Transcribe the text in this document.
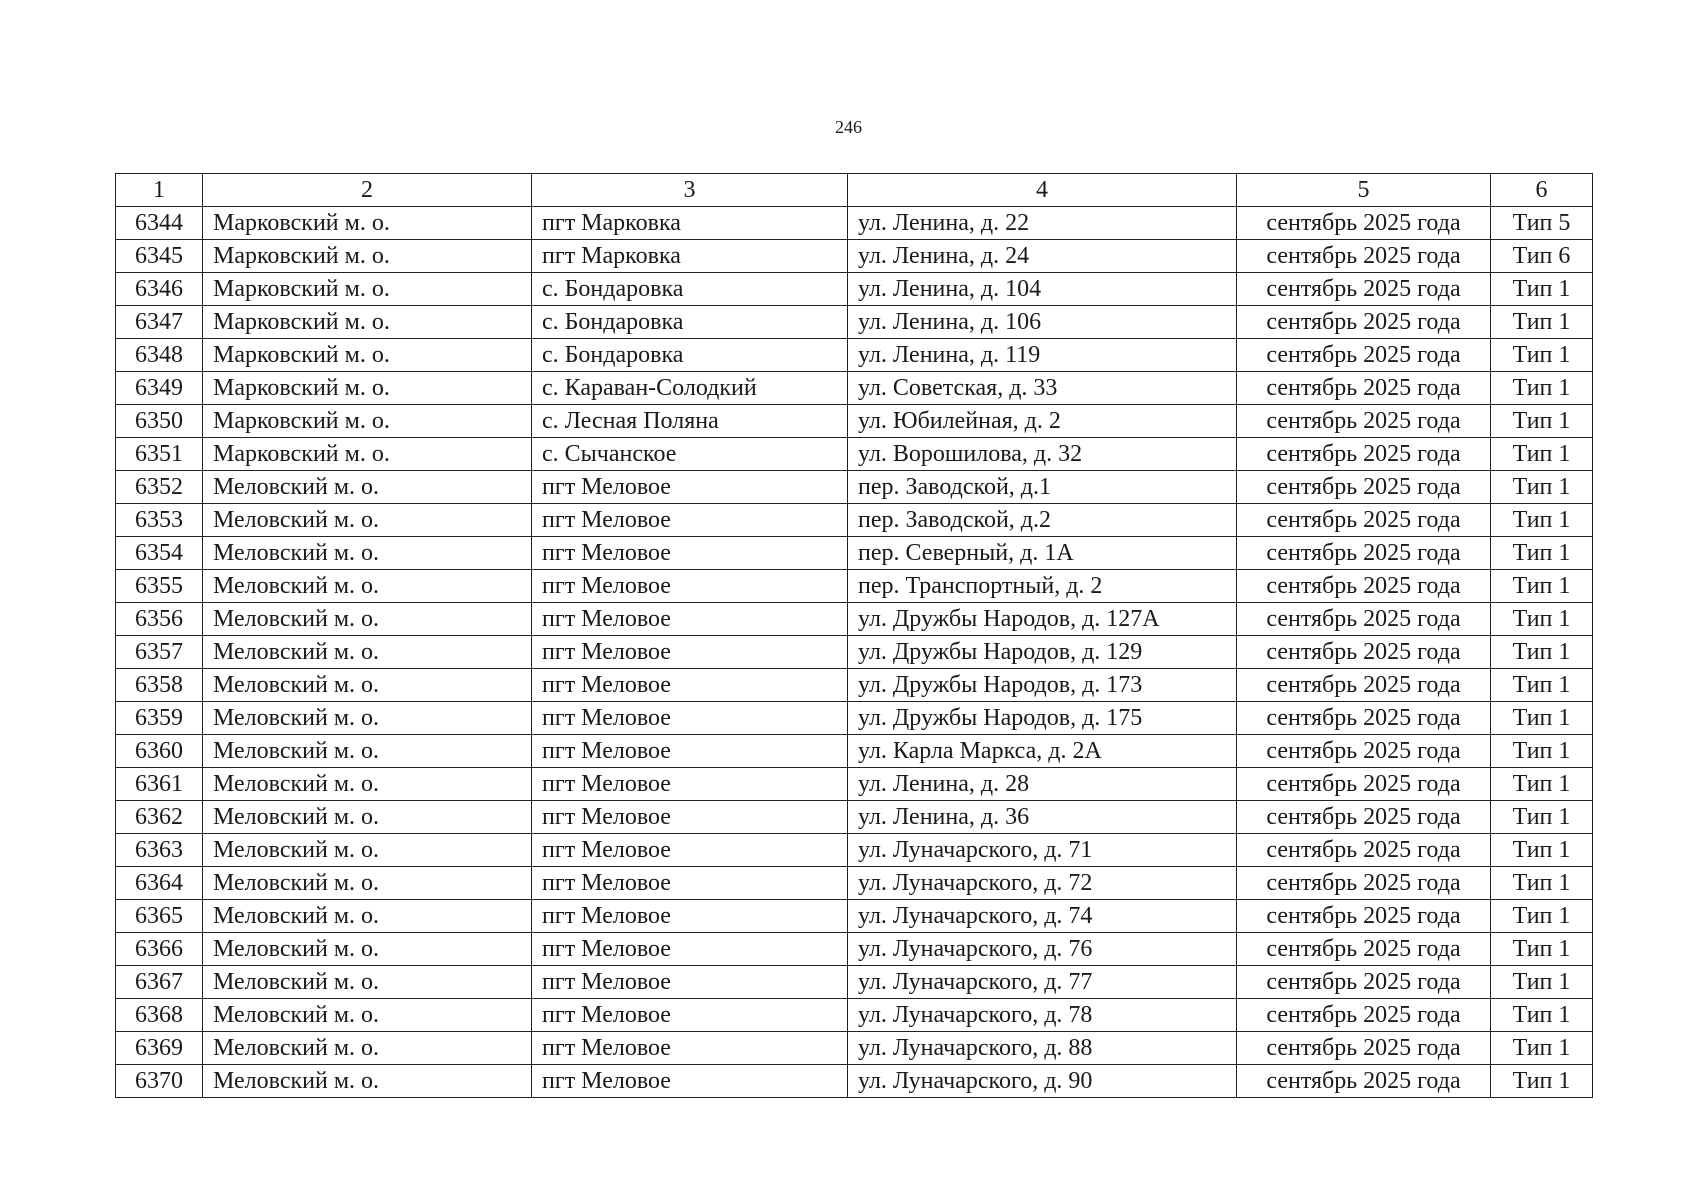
246
1	2	3	4	5	6
6344	Марковский м. о.	пгт Марковка	ул. Ленина, д. 22	сентябрь 2025 года	Тип 5
6345	Марковский м. о.	пгт Марковка	ул. Ленина, д. 24	сентябрь 2025 года	Тип 6
6346	Марковский м. о.	с. Бондаровка	ул. Ленина, д. 104	сентябрь 2025 года	Тип 1
6347	Марковский м. о.	с. Бондаровка	ул. Ленина, д. 106	сентябрь 2025 года	Тип 1
6348	Марковский м. о.	с. Бондаровка	ул. Ленина, д. 119	сентябрь 2025 года	Тип 1
6349	Марковский м. о.	с. Караван-Солодкий	ул. Советская, д. 33	сентябрь 2025 года	Тип 1
6350	Марковский м. о.	с. Лесная Поляна	ул. Юбилейная, д. 2	сентябрь 2025 года	Тип 1
6351	Марковский м. о.	с. Сычанское	ул. Ворошилова, д. 32	сентябрь 2025 года	Тип 1
6352	Меловский м. о.	пгт Меловое	пер. Заводской, д.1	сентябрь 2025 года	Тип 1
6353	Меловский м. о.	пгт Меловое	пер. Заводской, д.2	сентябрь 2025 года	Тип 1
6354	Меловский м. о.	пгт Меловое	пер. Северный, д. 1А	сентябрь 2025 года	Тип 1
6355	Меловский м. о.	пгт Меловое	пер. Транспортный, д. 2	сентябрь 2025 года	Тип 1
6356	Меловский м. о.	пгт Меловое	ул. Дружбы Народов, д. 127А	сентябрь 2025 года	Тип 1
6357	Меловский м. о.	пгт Меловое	ул. Дружбы Народов, д. 129	сентябрь 2025 года	Тип 1
6358	Меловский м. о.	пгт Меловое	ул. Дружбы Народов, д. 173	сентябрь 2025 года	Тип 1
6359	Меловский м. о.	пгт Меловое	ул. Дружбы Народов, д. 175	сентябрь 2025 года	Тип 1
6360	Меловский м. о.	пгт Меловое	ул. Карла Маркса, д. 2А	сентябрь 2025 года	Тип 1
6361	Меловский м. о.	пгт Меловое	ул. Ленина, д. 28	сентябрь 2025 года	Тип 1
6362	Меловский м. о.	пгт Меловое	ул. Ленина, д. 36	сентябрь 2025 года	Тип 1
6363	Меловский м. о.	пгт Меловое	ул. Луначарского, д. 71	сентябрь 2025 года	Тип 1
6364	Меловский м. о.	пгт Меловое	ул. Луначарского, д. 72	сентябрь 2025 года	Тип 1
6365	Меловский м. о.	пгт Меловое	ул. Луначарского, д. 74	сентябрь 2025 года	Тип 1
6366	Меловский м. о.	пгт Меловое	ул. Луначарского, д. 76	сентябрь 2025 года	Тип 1
6367	Меловский м. о.	пгт Меловое	ул. Луначарского, д. 77	сентябрь 2025 года	Тип 1
6368	Меловский м. о.	пгт Меловое	ул. Луначарского, д. 78	сентябрь 2025 года	Тип 1
6369	Меловский м. о.	пгт Меловое	ул. Луначарского, д. 88	сентябрь 2025 года	Тип 1
6370	Меловский м. о.	пгт Меловое	ул. Луначарского, д. 90	сентябрь 2025 года	Тип 1
